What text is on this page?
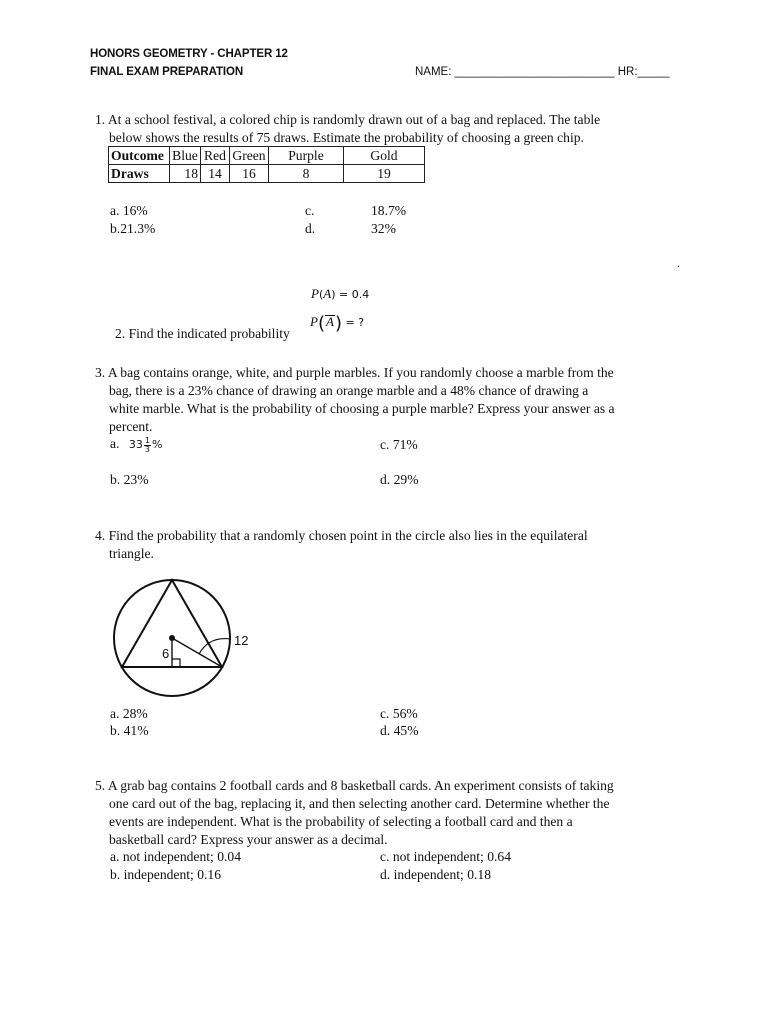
HONORS GEOMETRY - CHAPTER 12
FINAL EXAM PREPARATION	NAME: _________________________ HR:_____
1. At a school festival, a colored chip is randomly drawn out of a bag and replaced. The table
below shows the results of 75 draws. Estimate the probability of choosing a green chip.
Outcome	Blue	Red	Green	Purple	Gold
Draws	18	14	16	8	19
a. 16%
b.21.3%
c.	18.7%
d.	32%
.
P(A) = 0.4
P(A) = ?
2. Find the indicated probability
3. A bag contains orange, white, and purple marbles. If you randomly choose a marble from the
bag, there is a 23% chance of drawing an orange marble and a 48% chance of drawing a
white marble. What is the probability of choosing a purple marble? Express your answer as a
percent.
a. $33 \frac{1}{3}$ %	c. 71%
b. 23%	d. 29%
4. Find the probability that a randomly chosen point in the circle also lies in the equilateral
triangle.
12
6
a. 28%
b. 41%
c. 56%
d. 45%
5. A grab bag contains 2 football cards and 8 basketball cards. An experiment consists of taking
one card out of the bag, replacing it, and then selecting another card. Determine whether the
events are independent. What is the probability of selecting a football card and then a
basketball card? Express your answer as a decimal.
a. not independent; 0.04
b. independent; 0.16
c. not independent; 0.64
d. independent; 0.18
